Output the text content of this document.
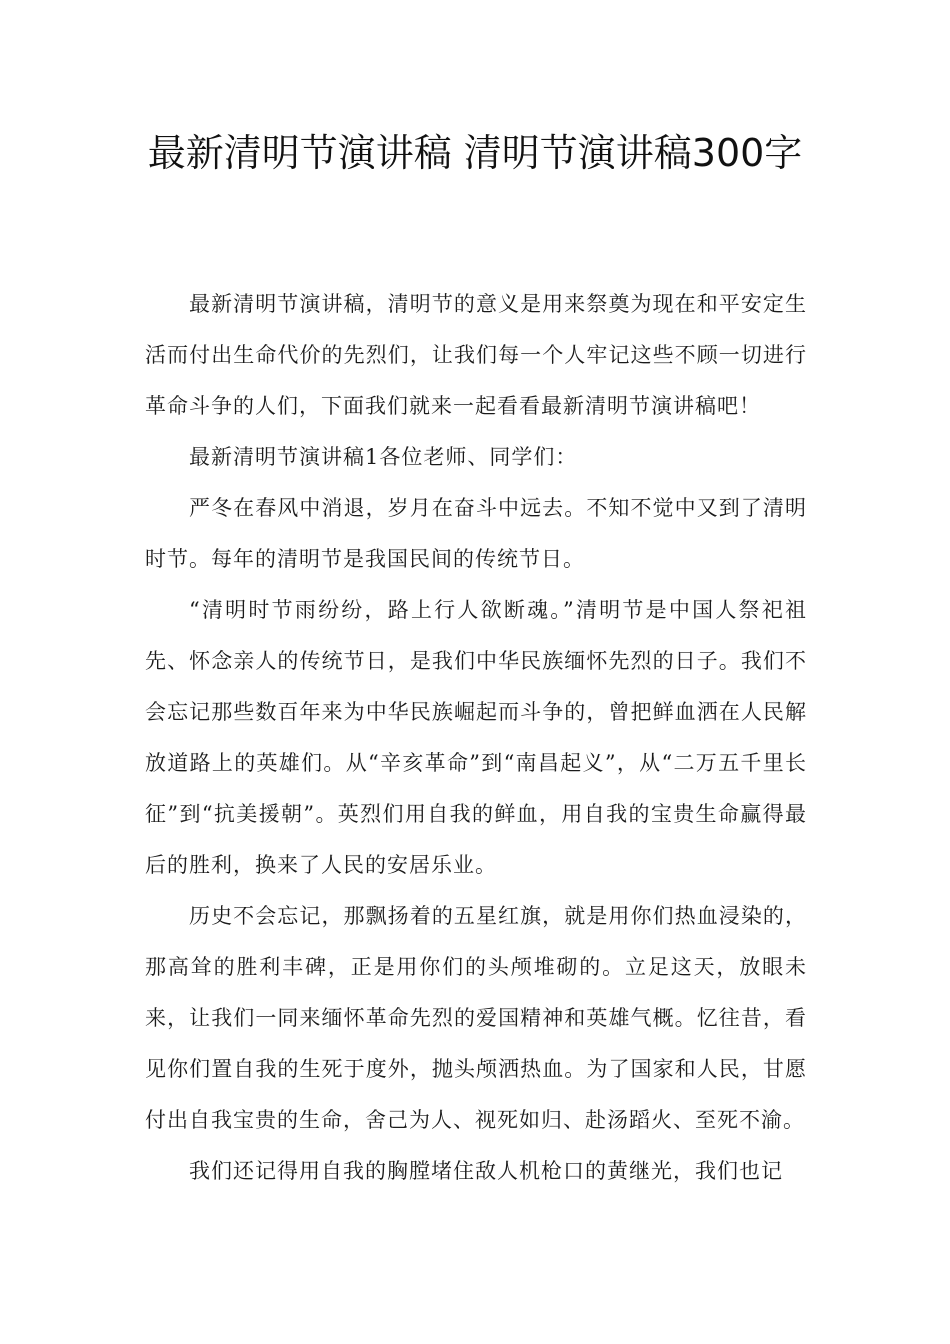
最新清明节演讲稿 清明节演讲稿300字

最新清明节演讲稿，清明节的意义是用来祭奠为现在和平安定生活而付出生命代价的先烈们，让我们每一个人牢记这些不顾一切进行革命斗争的人们，下面我们就来一起看看最新清明节演讲稿吧！

最新清明节演讲稿1各位老师、同学们：

严冬在春风中消退，岁月在奋斗中远去。不知不觉中又到了清明时节。每年的清明节是我国民间的传统节日。

“清明时节雨纷纷，路上行人欲断魂。”清明节是中国人祭祀祖先、怀念亲人的传统节日，是我们中华民族缅怀先烈的日子。我们不会忘记那些数百年来为中华民族崛起而斗争的，曾把鲜血洒在人民解放道路上的英雄们。从“辛亥革命”到“南昌起义”，从“二万五千里长征”到“抗美援朝”。英烈们用自我的鲜血，用自我的宝贵生命赢得最后的胜利，换来了人民的安居乐业。

历史不会忘记，那飘扬着的五星红旗，就是用你们热血浸染的，那高耸的胜利丰碑，正是用你们的头颅堆砌的。立足这天，放眼未来，让我们一同来缅怀革命先烈的爱国精神和英雄气概。忆往昔，看见你们置自我的生死于度外，抛头颅洒热血。为了国家和人民，甘愿付出自我宝贵的生命，舍己为人、视死如归、赴汤蹈火、至死不渝。

我们还记得用自我的胸膛堵住敌人机枪口的黄继光，我们也记
